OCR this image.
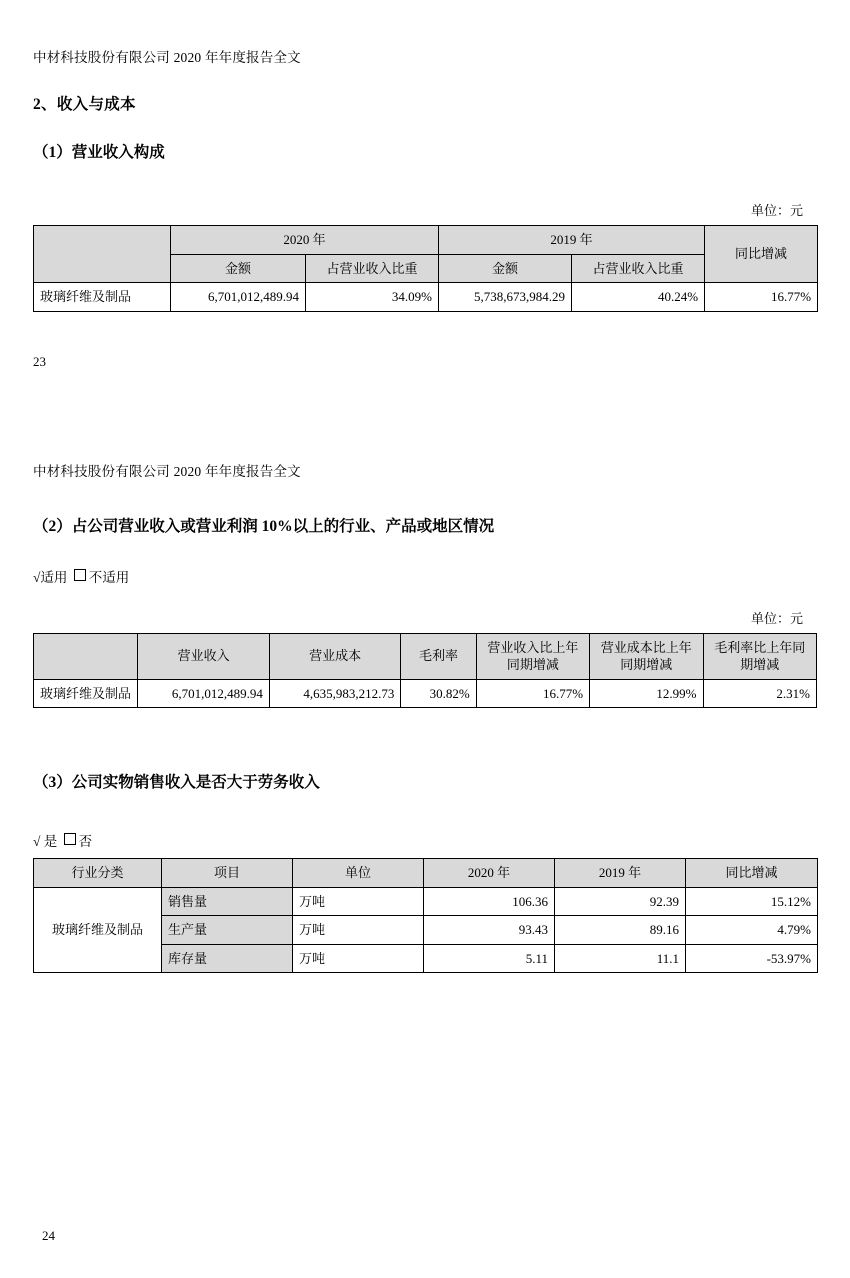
中材科技股份有限公司 2020 年年度报告全文
2、收入与成本
（1）营业收入构成
单位：元
	2020 年		2019 年		同比增减
	金额	占营业收入比重	金额	占营业收入比重	
玻璃纤维及制品	6,701,012,489.94	34.09%	5,738,673,984.29	40.24%	16.77%
23
中材科技股份有限公司 2020 年年度报告全文
（2）占公司营业收入或营业利润 10%以上的行业、产品或地区情况
√适用 不适用
单位：元
	营业收入	营业成本	毛利率	营业收入比上年同期增减	营业成本比上年同期增减	毛利率比上年同期增减
玻璃纤维及制品	6,701,012,489.94	4,635,983,212.73	30.82%	16.77%	12.99%	2.31%
（3）公司实物销售收入是否大于劳务收入
√ 是 否
行业分类	项目	单位	2020 年	2019 年	同比增减
玻璃纤维及制品	销售量	万吨	106.36	92.39	15.12%
	生产量	万吨	93.43	89.16	4.79%
	库存量	万吨	5.11	11.1	-53.97%
24
